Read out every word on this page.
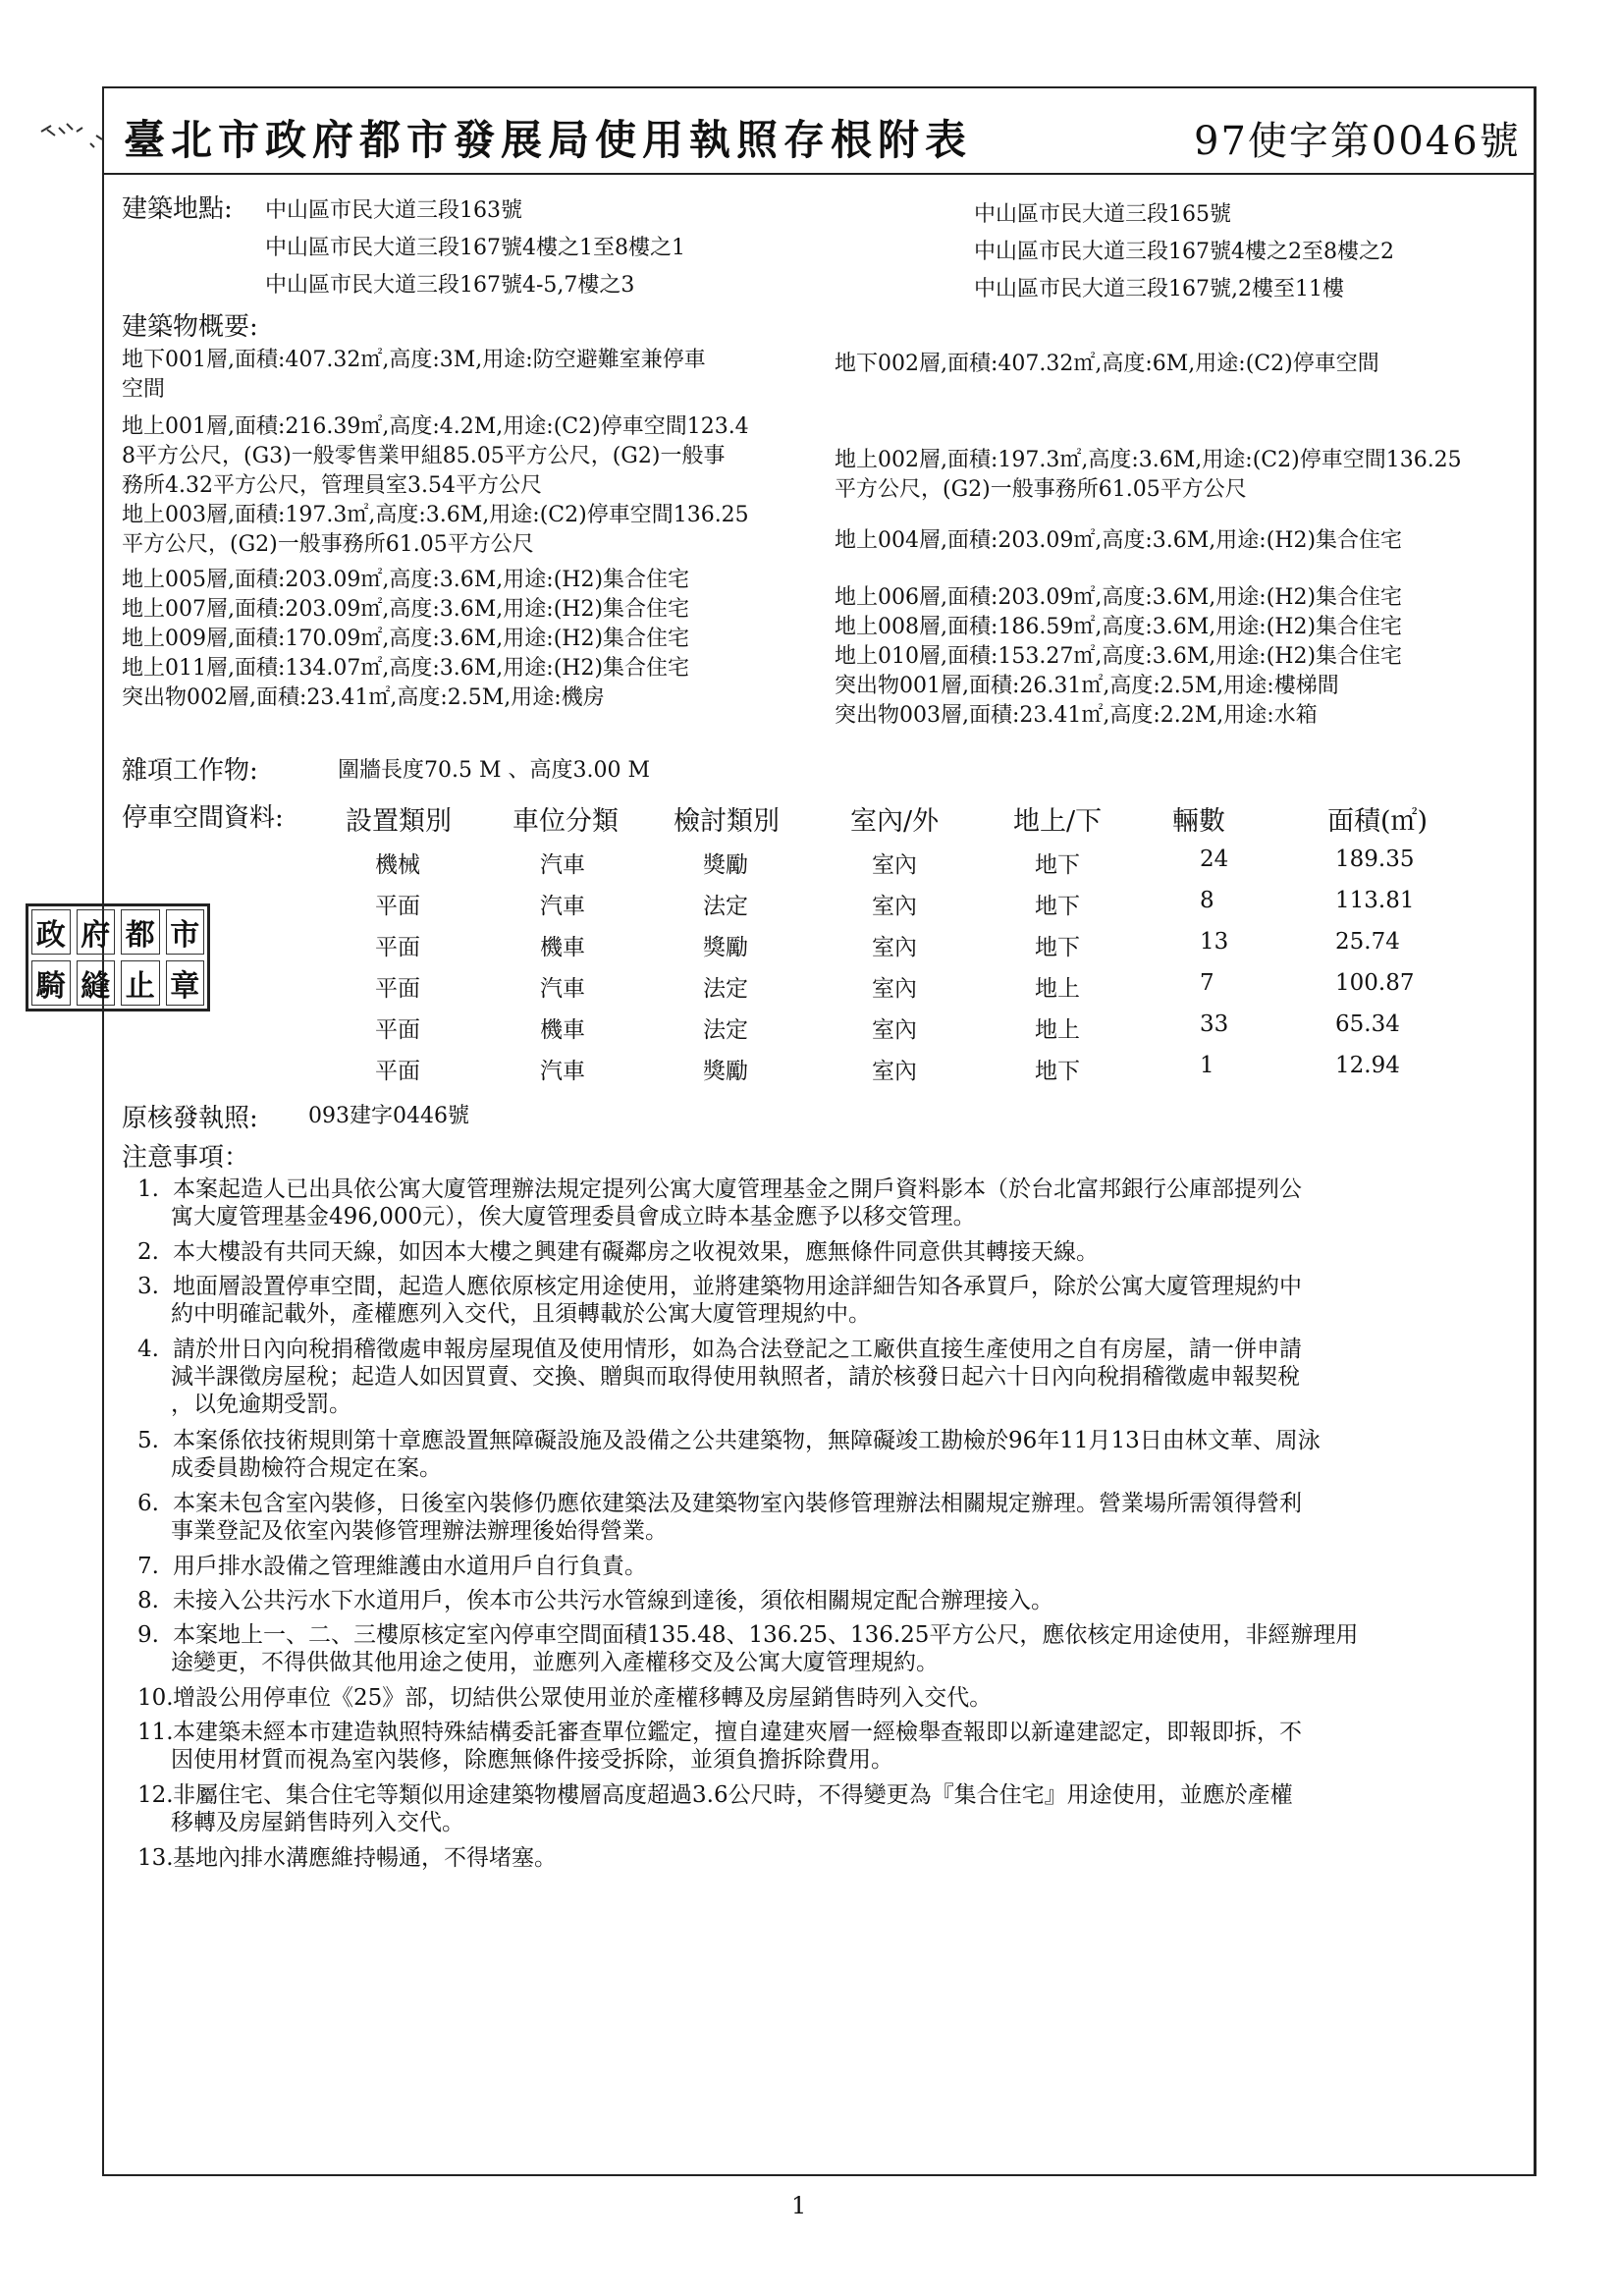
臺北市政府都市發展局使用執照存根附表	97使字第0046號
建築地點: 中山區市民大道三段163號
中山區市民大道三段167號4樓之1至8樓之1
中山區市民大道三段167號4-5,7樓之3
中山區市民大道三段165號
中山區市民大道三段167號4樓之2至8樓之2
中山區市民大道三段167號,2樓至11樓
建築物概要:
地下001層,面積:407.32㎡,高度:3M,用途:防空避難室兼停車
空間
地上001層,面積:216.39㎡,高度:4.2M,用途:(C2)停車空間123.4
8平方公尺，(G3)一般零售業甲組85.05平方公尺，(G2)一般事
務所4.32平方公尺，管理員室3.54平方公尺
地上003層,面積:197.3㎡,高度:3.6M,用途:(C2)停車空間136.25
平方公尺，(G2)一般事務所61.05平方公尺
地上005層,面積:203.09㎡,高度:3.6M,用途:(H2)集合住宅
地上007層,面積:203.09㎡,高度:3.6M,用途:(H2)集合住宅
地上009層,面積:170.09㎡,高度:3.6M,用途:(H2)集合住宅
地上011層,面積:134.07㎡,高度:3.6M,用途:(H2)集合住宅
突出物002層,面積:23.41㎡,高度:2.5M,用途:機房
地下002層,面積:407.32㎡,高度:6M,用途:(C2)停車空間
地上002層,面積:197.3㎡,高度:3.6M,用途:(C2)停車空間136.25
平方公尺，(G2)一般事務所61.05平方公尺
地上004層,面積:203.09㎡,高度:3.6M,用途:(H2)集合住宅
地上006層,面積:203.09㎡,高度:3.6M,用途:(H2)集合住宅
地上008層,面積:186.59㎡,高度:3.6M,用途:(H2)集合住宅
地上010層,面積:153.27㎡,高度:3.6M,用途:(H2)集合住宅
突出物001層,面積:26.31㎡,高度:2.5M,用途:樓梯間
突出物003層,面積:23.41㎡,高度:2.2M,用途:水箱
雜項工作物:	圍牆長度70.5 M 、高度3.00 M
停車空間資料: 設置類別 車位分類 檢討類別	室內/外	地上/下	輛數	面積(㎡)
機械	汽車	獎勵	室內	地下	24	189.35
平面	汽車	法定	室內	地下	8	113.81
平面	機車	獎勵	室內	地下	13	25.74
平面	汽車	法定	室內	地上	7	100.87
平面	機車	法定	室內	地上	33	65.34
平面	汽車	獎勵	室內	地下	1	12.94
原核發執照: 093建字0446號
注意事項：
1. 本案起造人已出具依公寓大廈管理辦法規定提列公寓大廈管理基金之開戶資料影本（於台北富邦銀行公庫部提列公
寓大廈管理基金496,000元），俟大廈管理委員會成立時本基金應予以移交管理。
2. 本大樓設有共同天線，如因本大樓之興建有礙鄰房之收視效果，應無條件同意供其轉接天線。
3. 地面層設置停車空間，起造人應依原核定用途使用，並將建築物用途詳細告知各承買戶，除於公寓大廈管理規約中
約中明確記載外，產權應列入交代，且須轉載於公寓大廈管理規約中。
4. 請於卅日內向稅捐稽徵處申報房屋現值及使用情形，如為合法登記之工廠供直接生產使用之自有房屋，請一併申請
減半課徵房屋稅；起造人如因買賣、交換、贈與而取得使用執照者，請於核發日起六十日內向稅捐稽徵處申報契稅
，以免逾期受罰。
5. 本案係依技術規則第十章應設置無障礙設施及設備之公共建築物，無障礙竣工勘檢於96年11月13日由林文華、周泳
成委員勘檢符合規定在案。
6. 本案未包含室內裝修，日後室內裝修仍應依建築法及建築物室內裝修管理辦法相關規定辦理。營業場所需領得營利
事業登記及依室內裝修管理辦法辦理後始得營業。
7. 用戶排水設備之管理維護由水道用戶自行負責。
8. 未接入公共污水下水道用戶，俟本市公共污水管線到達後，須依相關規定配合辦理接入。
9. 本案地上一、二、三樓原核定室內停車空間面積135.48、136.25、136.25平方公尺，應依核定用途使用，非經辦理用
途變更，不得供做其他用途之使用，並應列入產權移交及公寓大廈管理規約。
10. 增設公用停車位《25》部，切結供公眾使用並於產權移轉及房屋銷售時列入交代。
11. 本建築未經本市建造執照特殊結構委託審查單位鑑定，擅自違建夾層一經檢舉查報即以新違建認定，即報即拆，不
因使用材質而視為室內裝修，除應無條件接受拆除，並須負擔拆除費用。
12. 非屬住宅、集合住宅等類似用途建築物樓層高度超過3.6公尺時，不得變更為『集合住宅』用途使用，並應於產權
移轉及房屋銷售時列入交代。
13. 基地內排水溝應維持暢通，不得堵塞。
政 府 都 市
騎 縫 止 章
1
